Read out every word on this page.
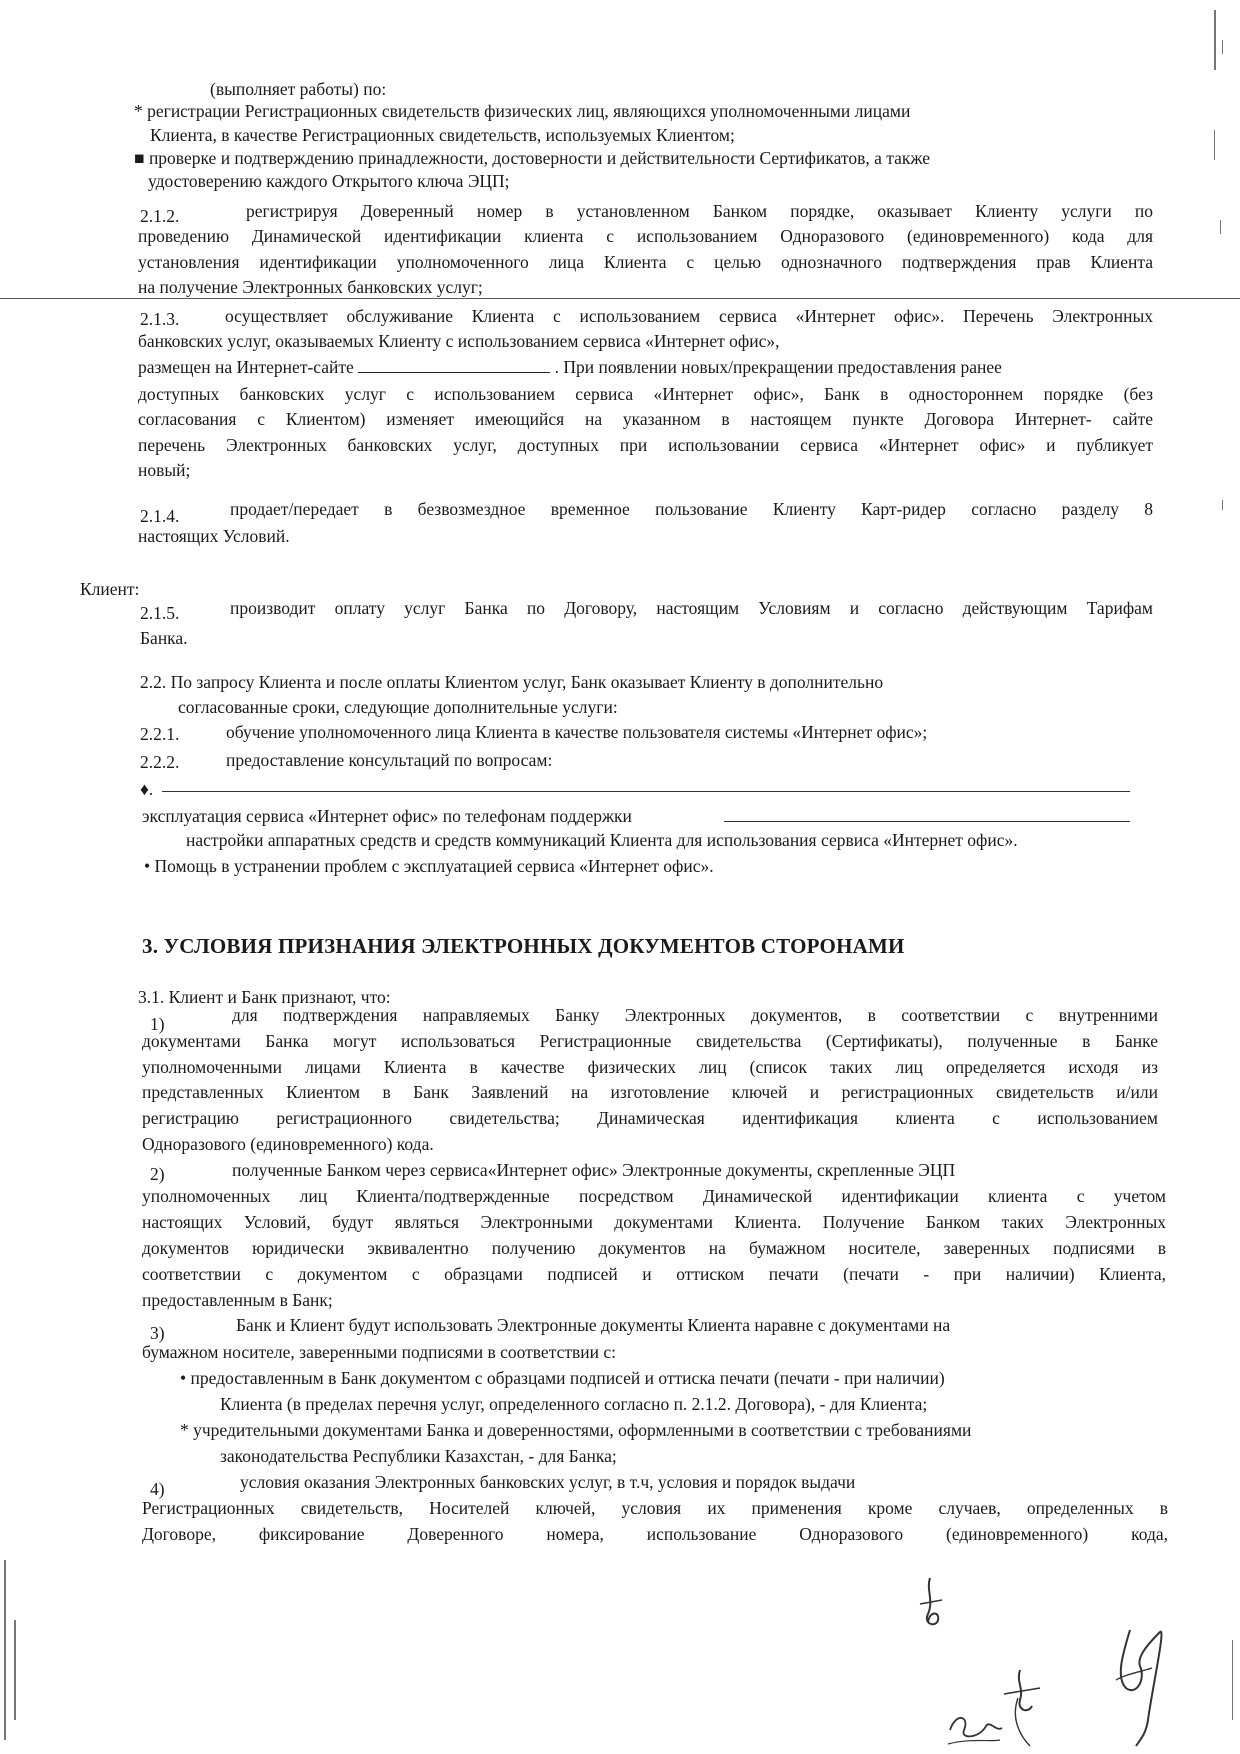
(выполняет работы) по:
* регистрации Регистрационных свидетельств физических лиц, являющихся уполномоченными лицами
Клиента, в качестве Регистрационных свидетельств, используемых Клиентом;
■ проверке и подтверждению принадлежности, достоверности и действительности Сертификатов, а также
удостоверению каждого Открытого ключа ЭЦП;
2.1.2.	регистрируя Доверенный номер в установленном Банком порядке, оказывает Клиенту услуги по
проведению Динамической идентификации клиента с использованием Одноразового (единовременного) кода для
установления идентификации уполномоченного лица Клиента с целью однозначного подтверждения прав Клиента
на получение Электронных банковских услуг;
2.1.3.	осуществляет обслуживание Клиента с использованием сервиса «Интернет офис». Перечень Электронных
банковских услуг, оказываемых Клиенту с использованием сервиса «Интернет офис»,
размещен на Интернет-сайте	. При появлении новых/прекращении предоставления ранее
доступных банковских услуг с использованием сервиса «Интернет офис», Банк в одностороннем порядке (без
согласования с Клиентом) изменяет имеющийся на указанном в настоящем пункте Договора Интернет- сайте
перечень Электронных банковских услуг, доступных при использовании сервиса «Интернет офис» и публикует
новый;
2.1.4.	продает/передает в безвозмездное временное пользование Клиенту Карт-ридер согласно разделу 8
настоящих Условий.
Клиент:
2.1.5.	производит оплату услуг Банка по Договору, настоящим Условиям и согласно действующим Тарифам
Банка.
2.2. По запросу Клиента и после оплаты Клиентом услуг, Банк оказывает Клиенту в дополнительно
согласованные сроки, следующие дополнительные услуги:
2.2.1.	обучение уполномоченного лица Клиента в качестве пользователя системы «Интернет офис»;
2.2.2.	предоставление консультаций по вопросам:
♦.
эксплуатация сервиса «Интернет офис» по телефонам поддержки
настройки аппаратных средств и средств коммуникаций Клиента для использования сервиса «Интернет офис».
• Помощь в устранении проблем с эксплуатацией сервиса «Интернет офис».
3. УСЛОВИЯ ПРИЗНАНИЯ ЭЛЕКТРОННЫХ ДОКУМЕНТОВ СТОРОНАМИ
3.1. Клиент и Банк признают, что:
1)	для подтверждения направляемых Банку Электронных документов, в соответствии с внутренними
документами Банка могут использоваться Регистрационные свидетельства (Сертификаты), полученные в Банке
уполномоченными лицами Клиента в качестве физических лиц (список таких лиц определяется исходя из
представленных Клиентом в Банк Заявлений на изготовление ключей и регистрационных свидетельств и/или
регистрацию регистрационного свидетельства; Динамическая идентификация клиента с использованием
Одноразового (единовременного) кода.
2)	полученные Банком через сервиса«Интернет офис» Электронные документы, скрепленные ЭЦП
уполномоченных лиц Клиента/подтвержденные посредством Динамической идентификации клиента с учетом
настоящих Условий, будут являться Электронными документами Клиента. Получение Банком таких Электронных
документов юридически эквивалентно получению документов на бумажном носителе, заверенных подписями в
соответствии с документом с образцами подписей и оттиском печати (печати - при наличии) Клиента,
предоставленным в Банк;
3)	Банк и Клиент будут использовать Электронные документы Клиента наравне с документами на
бумажном носителе, заверенными подписями в соответствии с:
• предоставленным в Банк документом с образцами подписей и оттиска печати (печати - при наличии)
Клиента (в пределах перечня услуг, определенного согласно п. 2.1.2. Договора), - для Клиента;
* учредительными документами Банка и доверенностями, оформленными в соответствии с требованиями
законодательства Республики Казахстан, - для Банка;
4)	условия оказания Электронных банковских услуг, в т.ч, условия и порядок выдачи
Регистрационных свидетельств, Носителей ключей, условия их применения кроме случаев, определенных в
Договоре, фиксирование Доверенного номера, использование Одноразового (единовременного) кода,
